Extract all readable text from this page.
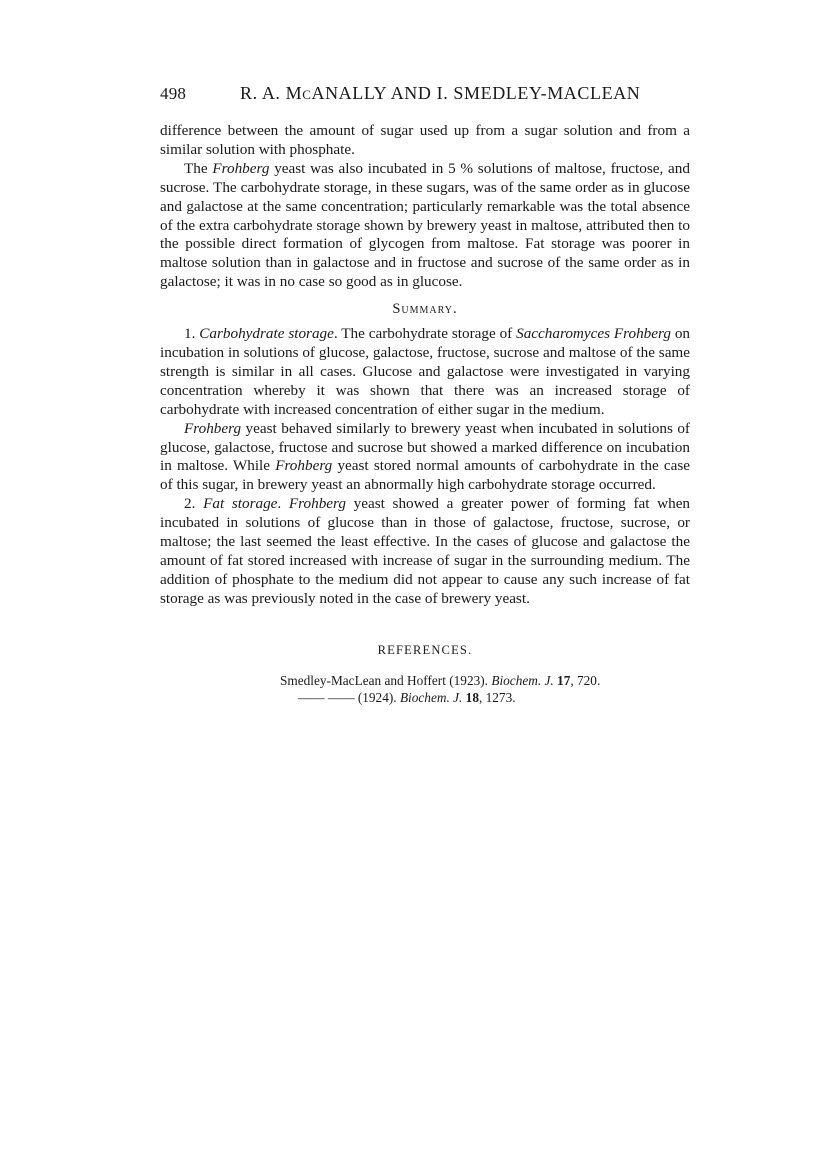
498	R. A. McANALLY AND I. SMEDLEY-MACLEAN

difference between the amount of sugar used up from a sugar solution and from a similar solution with phosphate.

The Frohberg yeast was also incubated in 5 % solutions of maltose, fructose, and sucrose. The carbohydrate storage, in these sugars, was of the same order as in glucose and galactose at the same concentration; particularly remarkable was the total absence of the extra carbohydrate storage shown by brewery yeast in maltose, attributed then to the possible direct formation of glycogen from maltose. Fat storage was poorer in maltose solution than in galactose and in fructose and sucrose of the same order as in galactose; it was in no case so good as in glucose.

Summary.

1. Carbohydrate storage. The carbohydrate storage of Saccharomyces Frohberg on incubation in solutions of glucose, galactose, fructose, sucrose and maltose of the same strength is similar in all cases. Glucose and galactose were investigated in varying concentration whereby it was shown that there was an increased storage of carbohydrate with increased concentration of either sugar in the medium.

Frohberg yeast behaved similarly to brewery yeast when incubated in solutions of glucose, galactose, fructose and sucrose but showed a marked difference on incubation in maltose. While Frohberg yeast stored normal amounts of carbohydrate in the case of this sugar, in brewery yeast an abnormally high carbohydrate storage occurred.

2. Fat storage. Frohberg yeast showed a greater power of forming fat when incubated in solutions of glucose than in those of galactose, fructose, sucrose, or maltose; the last seemed the least effective. In the cases of glucose and galactose the amount of fat stored increased with increase of sugar in the surrounding medium. The addition of phosphate to the medium did not appear to cause any such increase of fat storage as was previously noted in the case of brewery yeast.

REFERENCES.
Smedley-MacLean and Hoffert (1923). Biochem. J. 17, 720.
—— —— (1924). Biochem. J. 18, 1273.
